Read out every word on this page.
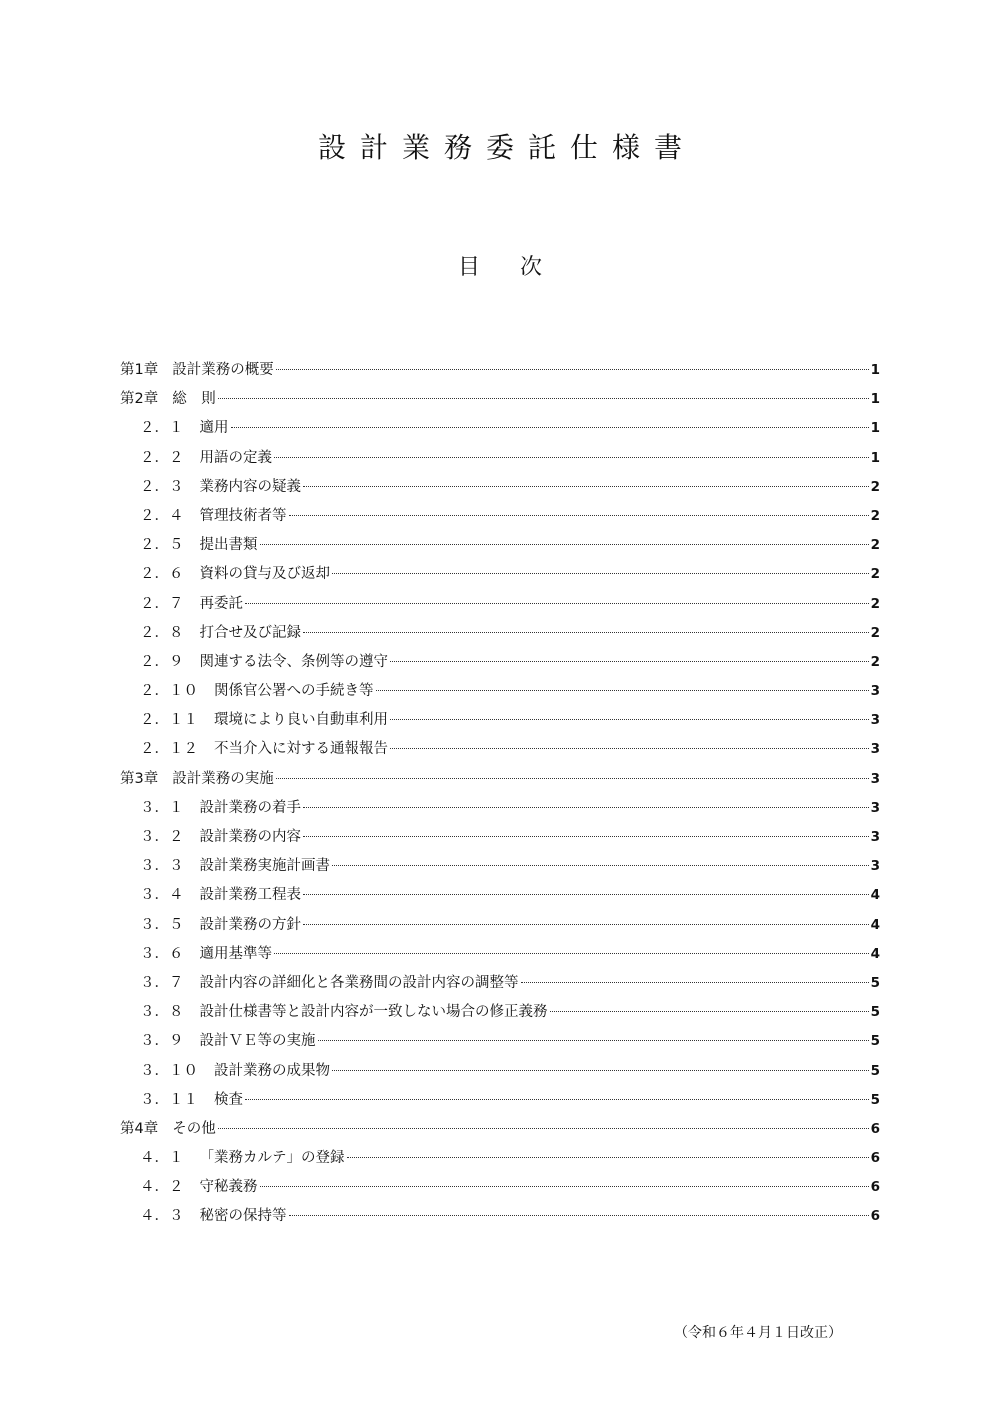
設計業務委託仕様書
目次
第1章 設計業務の概要	1
第2章 総　則	1
２．１	適用	1
２．２	用語の定義	1
２．３	業務内容の疑義	2
２．４	管理技術者等	2
２．５	提出書類	2
２．６	資料の貸与及び返却	2
２．７	再委託	2
２．８	打合せ及び記録	2
２．９	関連する法令、条例等の遵守	2
２．１０	関係官公署への手続き等	3
２．１１	環境により良い自動車利用	3
２．１２	不当介入に対する通報報告	3
第3章 設計業務の実施	3
３．１	設計業務の着手	3
３．２	設計業務の内容	3
３．３	設計業務実施計画書	3
３．４	設計業務工程表	4
３．５	設計業務の方針	4
３．６	適用基準等	4
３．７	設計内容の詳細化と各業務間の設計内容の調整等	5
３．８	設計仕様書等と設計内容が一致しない場合の修正義務	5
３．９	設計ＶＥ等の実施	5
３．１０	設計業務の成果物	5
３．１１	検査	5
第4章 その他	6
４．１	「業務カルテ」の登録	6
４．２	守秘義務	6
４．３	秘密の保持等	6
（令和６年４月１日改正）
